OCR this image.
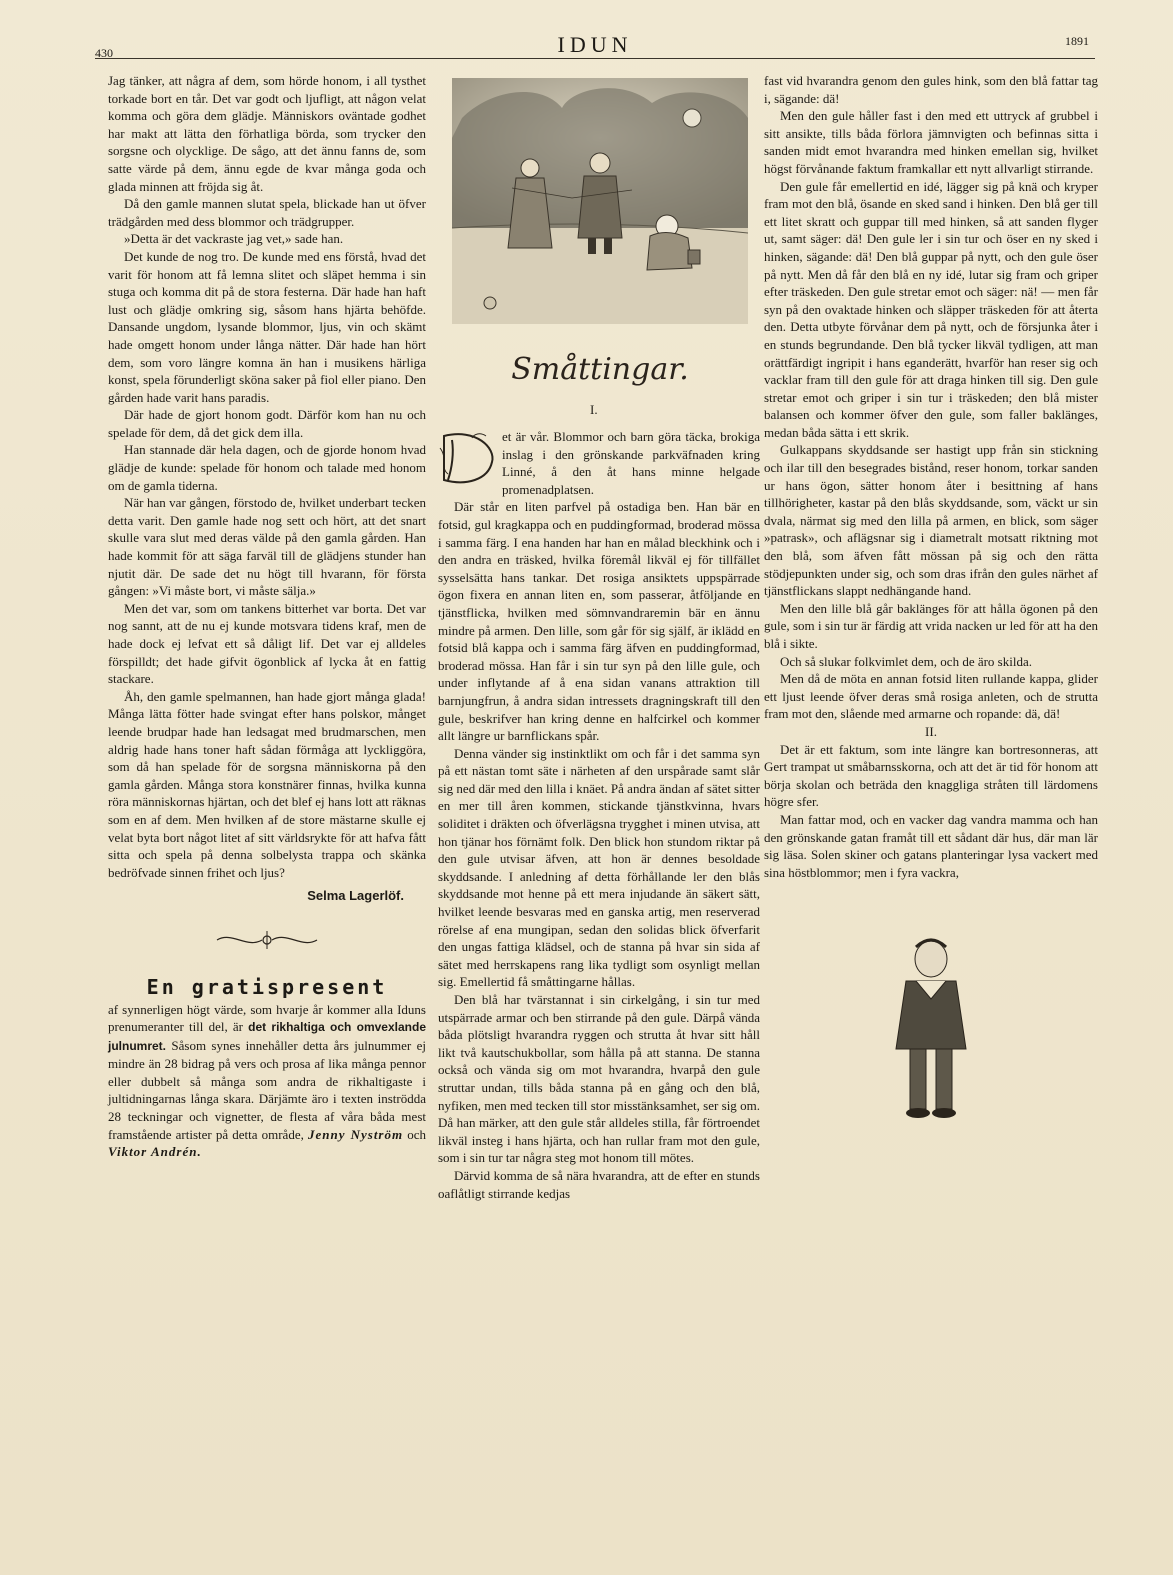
430	IDUN	1891

Jag tänker, att några af dem, som hörde honom, i all tysthet torkade bort en tår. Det var godt och ljufligt, att någon velat komma och göra dem glädje. Människors oväntade godhet har makt att lätta den förhatliga börda, som trycker den sorgsne och olycklige. De sågo, att det ännu fanns de, som satte värde på dem, ännu egde de kvar många goda och glada minnen att fröjda sig åt.

Då den gamle mannen slutat spela, blickade han ut öfver trädgården med dess blommor och trädgrupper.

»Detta är det vackraste jag vet,» sade han.

Det kunde de nog tro. De kunde med ens förstå, hvad det varit för honom att få lemna slitet och släpet hemma i sin stuga och komma dit på de stora festerna. Där hade han haft lust och glädje omkring sig, såsom hans hjärta behöfde. Dansande ungdom, lysande blommor, ljus, vin och skämt hade omgett honom under långa nätter. Där hade han hört dem, som voro längre komna än han i musikens härliga konst, spela förunderligt sköna saker på fiol eller piano. Den gården hade varit hans paradis.

Där hade de gjort honom godt. Därför kom han nu och spelade för dem, då det gick dem illa.

Han stannade där hela dagen, och de gjorde honom hvad glädje de kunde: spelade för honom och talade med honom om de gamla tiderna.

När han var gången, förstodo de, hvilket underbart tecken detta varit. Den gamle hade nog sett och hört, att det snart skulle vara slut med deras välde på den gamla gården. Han hade kommit för att säga farväl till de glädjens stunder han njutit där. De sade det nu högt till hvarann, för första gången: »Vi måste bort, vi måste sälja.»

Men det var, som om tankens bitterhet var borta. Det var nog sannt, att de nu ej kunde motsvara tidens kraf, men de hade dock ej lefvat ett så dåligt lif. Det var ej alldeles förspilldt; det hade gifvit ögonblick af lycka åt en fattig stackare.

Åh, den gamle spelmannen, han hade gjort många glada! Många lätta fötter hade svingat efter hans polskor, månget leende brudpar hade han ledsagat med brudmarschen, men aldrig hade hans toner haft sådan förmåga att lyckliggöra, som då han spelade för de sorgsna människorna på den gamla gården. Många stora konstnärer finnas, hvilka kunna röra människornas hjärtan, och det blef ej hans lott att räknas som en af dem. Men hvilken af de store mästarne skulle ej velat byta bort något litet af sitt världsrykte för att hafva fått sitta och spela på denna solbelysta trappa och skänka bedröfvade sinnen frihet och ljus?

Selma Lagerlöf.
En gratispresent

af synnerligen högt värde, som hvarje år kommer alla Iduns prenumeranter till del, är det rikhaltiga och omvexlande julnumret. Såsom synes innehåller detta års julnummer ej mindre än 28 bidrag på vers och prosa af lika många pennor eller dubbelt så många som andra de rikhaltigaste i jultidningarnas långa skara. Därjämte äro i texten inströdda 28 teckningar och vignetter, de flesta af våra båda mest framstående artister på detta område, Jenny Nyström och Viktor Andrén.

Småttingar.
I.

et är vår. Blommor och barn göra täcka, brokiga inslag i den grönskande parkväfnaden kring Linné, å den åt hans minne helgade promenadplatsen.

Där står en liten parfvel på ostadiga ben. Han bär en fotsid, gul kragkappa och en puddingformad, broderad mössa i samma färg. I ena handen har han en målad bleckhink och i den andra en träsked, hvilka föremål likväl ej för tillfället sysselsätta hans tankar. Det rosiga ansiktets uppspärrade ögon fixera en annan liten en, som passerar, åtföljande en tjänstflicka, hvilken med sömnvandraremin bär en ännu mindre på armen. Den lille, som går för sig själf, är iklädd en fotsid blå kappa och i samma färg äfven en puddingformad, broderad mössa. Han får i sin tur syn på den lille gule, och under inflytande af å ena sidan vanans attraktion till barnjungfrun, å andra sidan intressets dragningskraft till den gule, beskrifver han kring denne en halfcirkel och kommer allt längre ur barnflickans spår.

Denna vänder sig instinktlikt om och får i det samma syn på ett nästan tomt säte i närheten af den urspårade samt slår sig ned där med den lilla i knäet. På andra ändan af sätet sitter en mer till åren kommen, stickande tjänstkvinna, hvars soliditet i dräkten och öfverlägsna trygghet i minen utvisa, att hon tjänar hos förnämt folk. Den blick hon stundom riktar på den gule utvisar äfven, att hon är dennes besoldade skyddsande. I anledning af detta förhållande ler den blås skyddsande mot henne på ett mera injudande än säkert sätt, hvilket leende besvaras med en ganska artig, men reserverad rörelse af ena mungipan, sedan den solidas blick öfverfarit den ungas fattiga klädsel, och de stanna på hvar sin sida af sätet med herrskapens rang lika tydligt som osynligt mellan sig. Emellertid få småttingarne hållas.

Den blå har tvärstannat i sin cirkelgång, i sin tur med utspärrade armar och ben stirrande på den gule. Därpå vända båda plötsligt hvarandra ryggen och strutta åt hvar sitt håll likt två kautschukbollar, som hålla på att stanna. De stanna också och vända sig om mot hvarandra, hvarpå den gule struttar undan, tills båda stanna på en gång och den blå, nyfiken, men med tecken till stor misstänksamhet, ser sig om. Då han märker, att den gule står alldeles stilla, får förtroendet likväl insteg i hans hjärta, och han rullar fram mot den gule, som i sin tur tar några steg mot honom till mötes.

Därvid komma de så nära hvarandra, att de efter en stunds oaflåtligt stirrande kedjas

fast vid hvarandra genom den gules hink, som den blå fattar tag i, sägande: dä!

Men den gule håller fast i den med ett uttryck af grubbel i sitt ansikte, tills båda förlora jämnvigten och befinnas sitta i sanden midt emot hvarandra med hinken emellan sig, hvilket högst förvånande faktum framkallar ett nytt allvarligt stirrande.

Den gule får emellertid en idé, lägger sig på knä och kryper fram mot den blå, ösande en sked sand i hinken. Den blå ger till ett litet skratt och guppar till med hinken, så att sanden flyger ut, samt säger: dä! Den gule ler i sin tur och öser en ny sked i hinken, sägande: dä! Den blå guppar på nytt, och den gule öser på nytt. Men då får den blå en ny idé, lutar sig fram och griper efter träskeden. Den gule stretar emot och säger: nä! — men får syn på den ovaktade hinken och släpper träskeden för att återta den. Detta utbyte förvånar dem på nytt, och de försjunka åter i en stunds begrundande. Den blå tycker likväl tydligen, att man orättfärdigt ingripit i hans eganderätt, hvarför han reser sig och vacklar fram till den gule för att draga hinken till sig. Den gule stretar emot och griper i sin tur i träskeden; den blå mister balansen och kommer öfver den gule, som faller baklänges, medan båda sätta i ett skrik.

Gulkappans skyddsande ser hastigt upp från sin stickning och ilar till den besegrades bistånd, reser honom, torkar sanden ur hans ögon, sätter honom åter i besittning af hans tillhörigheter, kastar på den blås skyddsande, som, väckt ur sin dvala, närmat sig med den lilla på armen, en blick, som säger »patrask», och aflägsnar sig i diametralt motsatt riktning mot den blå, som äfven fått mössan på sig och den rätta stödjepunkten under sig, och som dras ifrån den gules närhet af tjänstflickans slappt nedhängande hand.

Men den lille blå går baklänges för att hålla ögonen på den gule, som i sin tur är färdig att vrida nacken ur led för att ha den blå i sikte.

Och så slukar folkvimlet dem, och de äro skilda.

Men då de möta en annan fotsid liten rullande kappa, glider ett ljust leende öfver deras små rosiga anleten, och de strutta fram mot den, slående med armarne och ropande: dä, dä!

II.

Det är ett faktum, som inte längre kan bortresonneras, att Gert trampat ut småbarnsskorna, och att det är tid för honom att börja skolan och beträda den knaggliga stråten till lärdomens högre sfer.

Man fattar mod, och en vacker dag vandra mamma och han den grönskande gatan framåt till ett sådant där hus, där man lär sig läsa. Solen skiner och gatans planteringar lysa vackert med sina höstblommor; men i fyra vackra,
